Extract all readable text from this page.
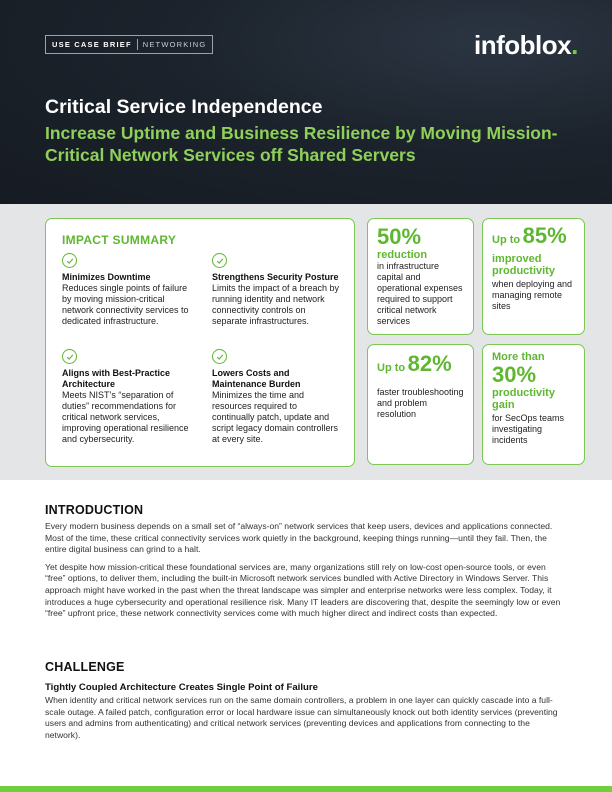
USE CASE BRIEF NETWORKING	infoblox.
Critical Service Independence
Increase Uptime and Business Resilience by Moving Mission-Critical Network Services off Shared Servers
IMPACT SUMMARY
Minimizes Downtime
Reduces single points of failure by moving mission-critical network connectivity services to dedicated infrastructure.
Strengthens Security Posture
Limits the impact of a breach by running identity and network connectivity controls on separate infrastructures.
Aligns with Best-Practice Architecture
Meets NIST’s “separation of duties” recommendations for critical network services, improving operational resilience and cybersecurity.
Lowers Costs and Maintenance Burden
Minimizes the time and resources required to continually patch, update and script legacy domain controllers at every site.
50%
reduction
in infrastructure capital and operational expenses required to support critical network services
Up to 85%
improved productivity
when deploying and managing remote sites
Up to 82%
faster troubleshooting and problem resolution
More than
30%
productivity gain
for SecOps teams investigating incidents
INTRODUCTION

Every modern business depends on a small set of “always-on” network services that keep users, devices and applications connected. Most of the time, these critical connectivity services work quietly in the background, keeping things running—until they fail. Then, the entire digital business can grind to a halt.

Yet despite how mission-critical these foundational services are, many organizations still rely on low-cost open-source tools, or even “free” options, to deliver them, including the built-in Microsoft network services bundled with Active Directory in Windows Server. This approach might have worked in the past when the threat landscape was simpler and enterprise networks were less complex. Today, it introduces a huge cybersecurity and operational resilience risk. Many IT leaders are discovering that, despite the seemingly low or even “free” upfront price, these network connectivity services come with much higher direct and indirect costs than expected.

CHALLENGE
Tightly Coupled Architecture Creates Single Point of Failure

When identity and critical network services run on the same domain controllers, a problem in one layer can quickly cascade into a full-scale outage. A failed patch, configuration error or local hardware issue can simultaneously knock out both identity services (preventing users and admins from authenticating) and critical network services (preventing devices and applications from connecting to the network).
